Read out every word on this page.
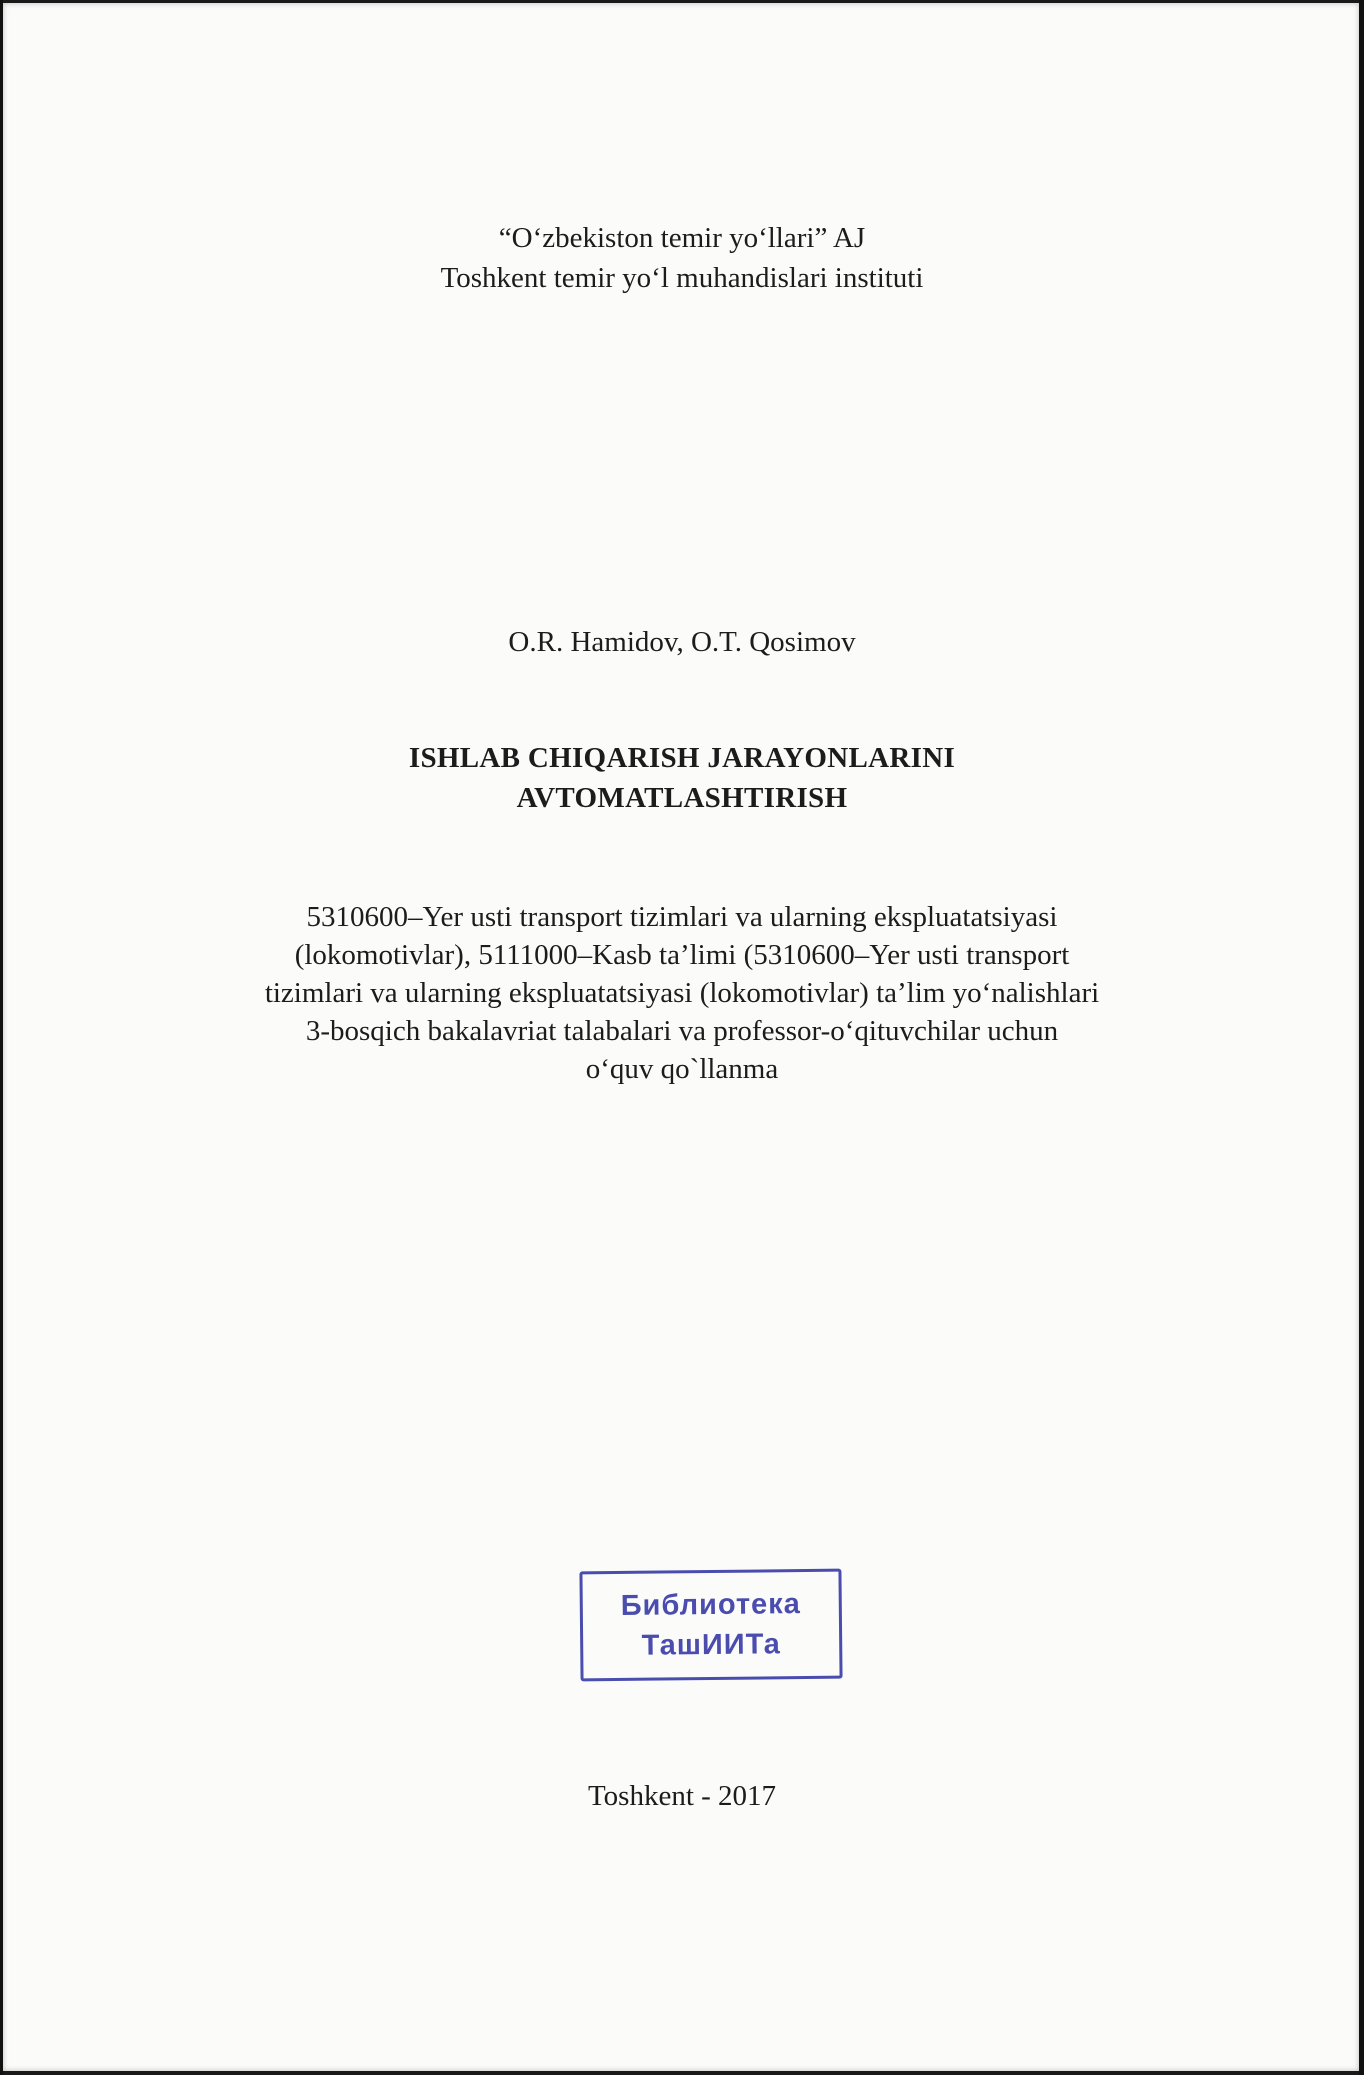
“O‘zbekiston temir yo‘llari” AJ
Toshkent temir yo‘l muhandislari instituti
O.R. Hamidov, O.T. Qosimov
ISHLAB CHIQARISH JARAYONLARINI
AVTOMATLASHTIRISH
5310600–Yer usti transport tizimlari va ularning ekspluatatsiyasi
(lokomotivlar), 5111000–Kasb ta’limi (5310600–Yer usti transport
tizimlari va ularning ekspluatatsiyasi (lokomotivlar) ta’lim yo‘nalishlari
3-bosqich bakalavriat talabalari va professor-o‘qituvchilar uchun
o‘quv qo`llanma
Библиотека
ТашИИТа
Toshkent - 2017
